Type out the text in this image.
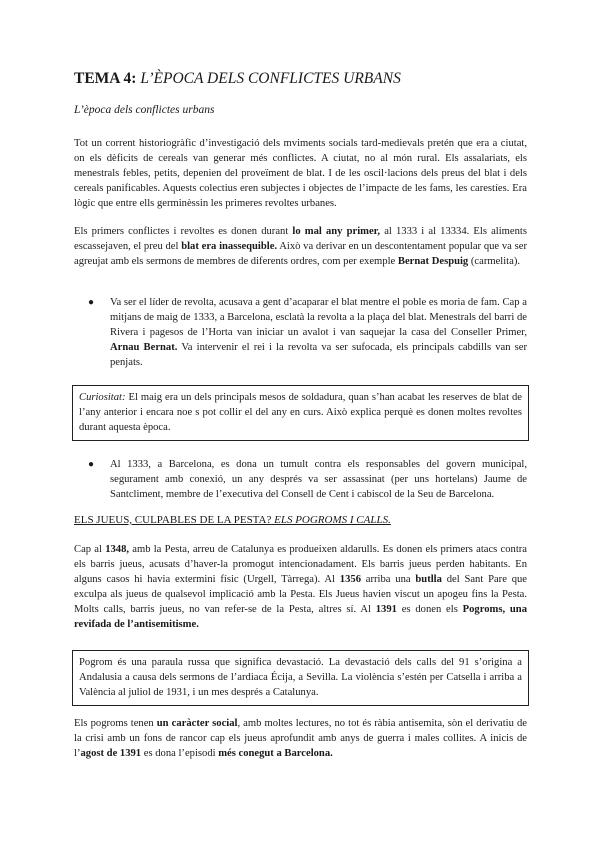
TEMA 4: L’ÈPOCA DELS CONFLICTES URBANS
L’època dels conflictes urbans

Tot un corrent historiogràfic d’investigació dels mviments socials tard-medievals pretén que era a ciutat, on els dèficits de cereals van generar més conflictes. A ciutat, no al món rural. Els assalariats, els menestrals febles, petits, depenien del proveïment de blat. I de les oscil·lacions dels preus del blat i dels cereals panificables. Aquests colectius eren subjectes i objectes de l’impacte de les fams, les carestíes. Era lògic que entre ells germinèssin les primeres revoltes urbanes.

Els primers conflictes i revoltes es donen durant lo mal any primer, al 1333 i al 13334. Els aliments escassejaven, el preu del blat era inassequible. Això va derivar en un descontentament popular que va ser agreujat amb els sermons de membres de diferents ordres, com per exemple Bernat Despuig (carmelita).

● Va ser el líder de revolta, acusava a gent d’acaparar el blat mentre el poble es moria de fam. Cap a mitjans de maig de 1333, a Barcelona, esclatà la revolta a la plaça del blat. Menestrals del barri de Rivera i pagesos de l’Horta van iniciar un avalot i van saquejar la casa del Conseller Primer, Arnau Bernat. Va intervenir el rei i la revolta va ser sufocada, els principals cabdills van ser penjats.

Curiositat: El maig era un dels principals mesos de soldadura, quan s’han acabat les reserves de blat de l’any anterior i encara noe s pot collir el del any en curs. Això explica perquè es donen moltes revoltes durant aquesta època.
● Al 1333, a Barcelona, es dona un tumult contra els responsables del govern municipal, segurament amb conexió, un any després va ser assassinat (per uns hortelans) Jaume de Santcliment, membre de l’executiva del Consell de Cent i cabiscol de la Seu de Barcelona.

ELS JUEUS, CULPABLES DE LA PESTA? ELS POGROMS I CALLS.

Cap al 1348, amb la Pesta, arreu de Catalunya es produeixen aldarulls. Es donen els primers atacs contra els barris jueus, acusats d’haver-la promogut intencionadament. Els barris jueus perden habitants. En alguns casos hi havia extermini físic (Urgell, Tàrrega). Al 1356 arriba una butlla del Sant Pare que exculpa als jueus de qualsevol implicació amb la Pesta. Els Jueus havien viscut un apogeu fins la Pesta. Molts calls, barris jueus, no van refer-se de la Pesta, altres sí. Al 1391 es donen els Pogroms, una revifada de l’antisemitisme.

Pogrom és una paraula russa que significa devastació. La devastació dels calls del 91 s’origina a Andalusia a causa dels sermons de l’ardiaca Écija, a Sevilla. La violència s’estén per Catsella i arriba a València al juliol de 1931, i un mes després a Catalunya.

Els pogroms tenen un caràcter social, amb moltes lectures, no tot és ràbia antisemita, sòn el derivatiu de la crisi amb un fons de rancor cap els jueus aprofundit amb anys de guerra i males collites. A inicis de l’agost de 1391 es dona l’episodi més conegut a Barcelona.
